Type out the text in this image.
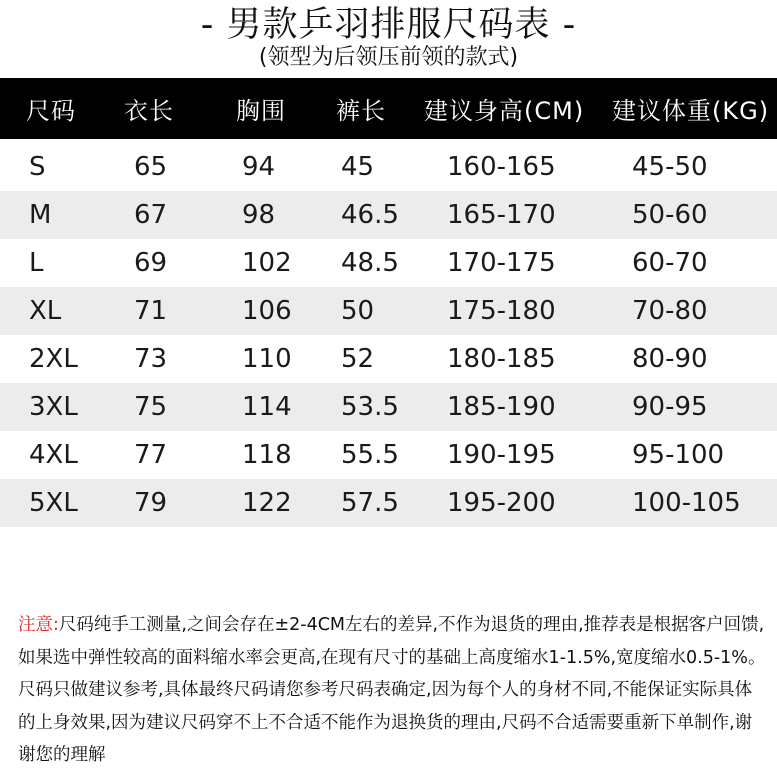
- 男款乒羽排服尺码表 -
(领型为后领压前领的款式)
尺码 衣长	胸围 裤长 建议身高(CM) 建议体重(KG)
S	65	94	45	160-165	45-50
M	67	98	46.5 165-170	50-60
L	69	102 48.5 170-175	60-70
XL	71	106 50	175-180	70-80
2XL 73	110 52	180-185	80-90
3XL 75	114 53.5 185-190	90-95
4XL 77	118 55.5 190-195	95-100
5XL 79	122 57.5 195-200	100-105
注意:尺码纯手工测量,之间会存在±2-4CM左右的差异,不作为退货的理由,推荐表是根据客户回馈,如果选中弹性较高的面料缩水率会更高,在现有尺寸的基础上高度缩水1-1.5%,宽度缩水0.5-1%。尺码只做建议参考,具体最终尺码请您参考尺码表确定,因为每个人的身材不同,不能保证实际具体的上身效果,因为建议尺码穿不上不合适不能作为退换货的理由,尺码不合适需要重新下单制作,谢谢您的理解
